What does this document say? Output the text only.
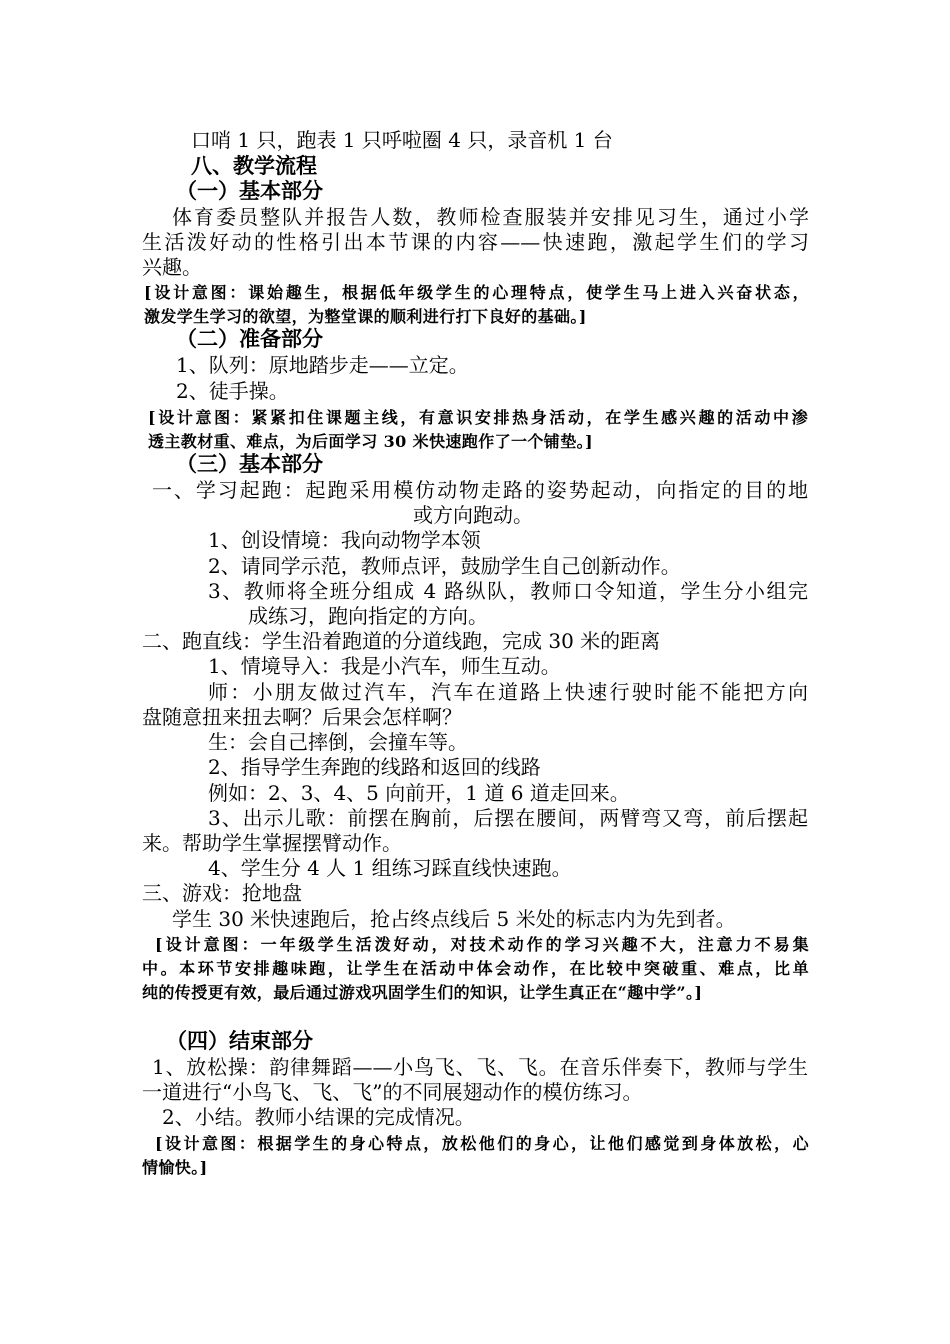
口哨 1 只，跑表 1 只呼啦圈 4 只，录音机 1 台
八、教学流程
（一）基本部分
体育委员整队并报告人数，教师检查服装并安排见习生，通过小学
生活泼好动的性格引出本节课的内容——快速跑，激起学生们的学习
兴趣。
[设计意图：课始趣生，根据低年级学生的心理特点，使学生马上进入兴奋状态，
激发学生学习的欲望，为整堂课的顺利进行打下良好的基础。]
（二）准备部分
1、队列：原地踏步走——立定。
2、徒手操。
[设计意图：紧紧扣住课题主线，有意识安排热身活动，在学生感兴趣的活动中渗
透主教材重、难点，为后面学习 30 米快速跑作了一个铺垫。]
（三）基本部分
一、学习起跑：起跑采用模仿动物走路的姿势起动，向指定的目的地
或方向跑动。
1、创设情境：我向动物学本领
2、请同学示范，教师点评，鼓励学生自己创新动作。
3、教师将全班分组成 4 路纵队，教师口令知道，学生分小组完
成练习，跑向指定的方向。
二、跑直线：学生沿着跑道的分道线跑，完成 30 米的距离
1、情境导入：我是小汽车，师生互动。
师：小朋友做过汽车，汽车在道路上快速行驶时能不能把方向
盘随意扭来扭去啊？后果会怎样啊？
生：会自己摔倒，会撞车等。
2、指导学生奔跑的线路和返回的线路
例如：2、3、4、5 向前开，1 道 6 道走回来。
3、出示儿歌：前摆在胸前，后摆在腰间，两臂弯又弯，前后摆起
来。帮助学生掌握摆臂动作。
4、学生分 4 人 1 组练习踩直线快速跑。
三、游戏：抢地盘
学生 30 米快速跑后，抢占终点线后 5 米处的标志内为先到者。
[设计意图：一年级学生活泼好动，对技术动作的学习兴趣不大，注意力不易集
中。本环节安排趣味跑，让学生在活动中体会动作，在比较中突破重、难点，比单
纯的传授更有效，最后通过游戏巩固学生们的知识，让学生真正在“趣中学”。]
（四）结束部分
1、放松操：韵律舞蹈——小鸟飞、飞、飞。在音乐伴奏下，教师与学生
一道进行“小鸟飞、飞、飞”的不同展翅动作的模仿练习。
2、小结。教师小结课的完成情况。
[设计意图：根据学生的身心特点，放松他们的身心，让他们感觉到身体放松，心
情愉快。]
